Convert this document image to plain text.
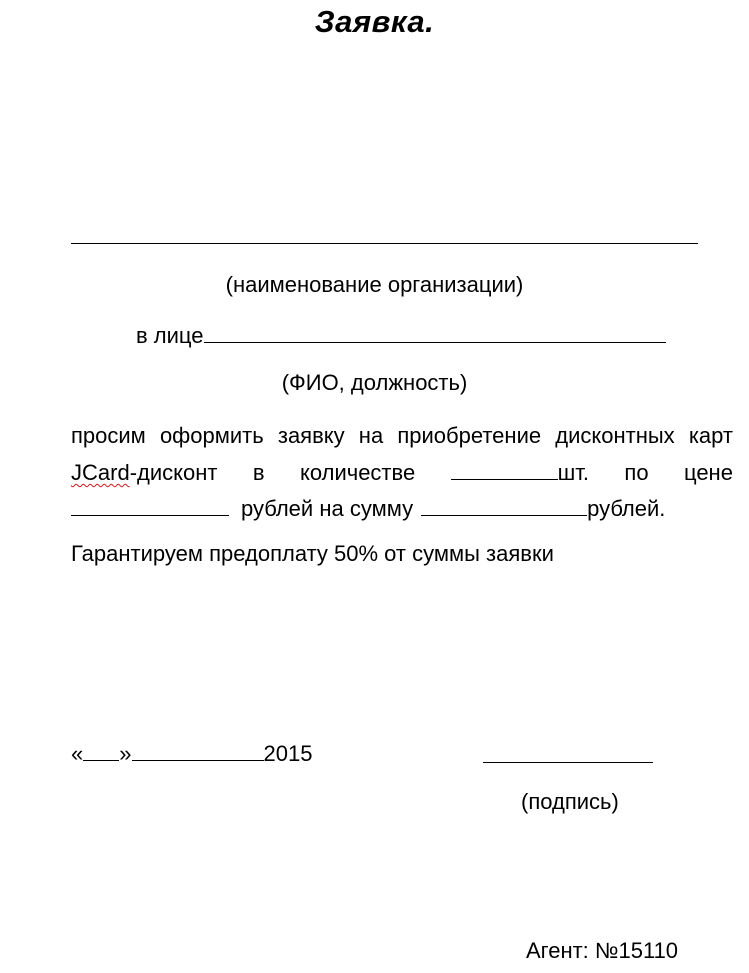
Заявка.
(наименование организации)
в лице
(ФИО, должность)
просим оформить заявку на приобретение дисконтных карт
JCard-дисконт в количестве	шт. по цене
рублей на сумму	рублей.
Гарантируем предоплату 50% от суммы заявки
« »	2015
(подпись)
Агент: №15110
